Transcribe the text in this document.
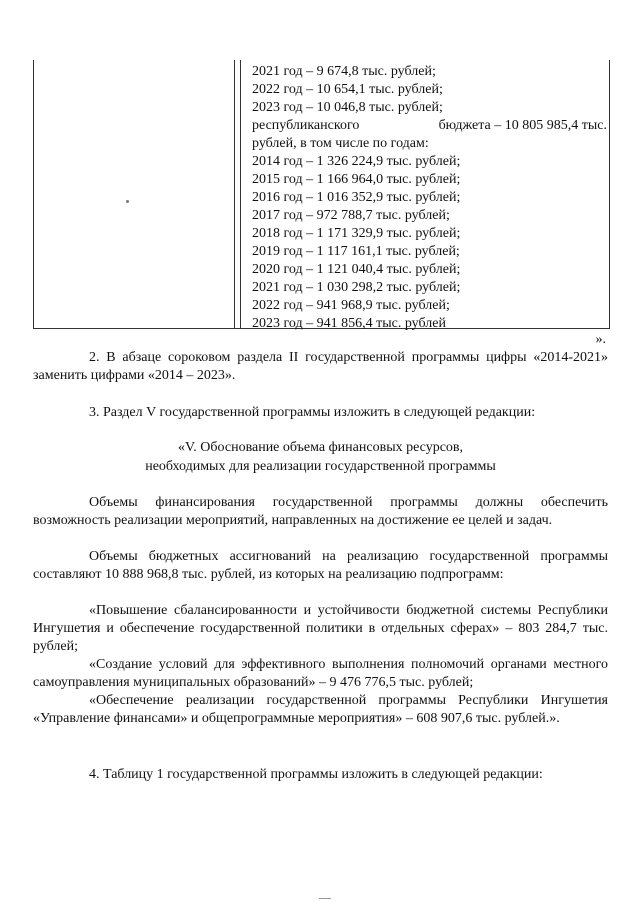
2021 год – 9 674,8 тыс. рублей;
2022 год – 10 654,1 тыс. рублей;
2023 год – 10 046,8 тыс. рублей;
республиканского	бюджета – 10 805 985,4 тыс.
рублей, в том числе по годам:
2014 год – 1 326 224,9 тыс. рублей;
2015 год – 1 166 964,0 тыс. рублей;
2016 год – 1 016 352,9 тыс. рублей;
2017 год – 972 788,7 тыс. рублей;
2018 год – 1 171 329,9 тыс. рублей;
2019 год – 1 117 161,1 тыс. рублей;
2020 год – 1 121 040,4 тыс. рублей;
2021 год – 1 030 298,2 тыс. рублей;
2022 год – 941 968,9 тыс. рублей;
2023 год – 941 856,4 тыс. рублей
».
2. В абзаце сороковом раздела II государственной программы цифры «2014-2021» заменить цифрами «2014 – 2023».
3. Раздел V государственной программы изложить в следующей редакции:
«V. Обоснование объема финансовых ресурсов,
необходимых для реализации государственной программы
Объемы финансирования государственной программы должны обеспечить возможность реализации мероприятий, направленных на достижение ее целей и задач.
Объемы бюджетных ассигнований на реализацию государственной программы составляют 10 888 968,8 тыс. рублей, из которых на реализацию подпрограмм:
«Повышение сбалансированности и устойчивости бюджетной системы Республики Ингушетия и обеспечение государственной политики в отдельных сферах» – 803 284,7 тыс. рублей;
«Создание условий для эффективного выполнения полномочий органами местного самоуправления муниципальных образований» – 9 476 776,5 тыс. рублей;
«Обеспечение реализации государственной программы Республики Ингушетия «Управление финансами» и общепрограммные мероприятия» – 608 907,6 тыс. рублей.».
4. Таблицу 1 государственной программы изложить в следующей редакции:
